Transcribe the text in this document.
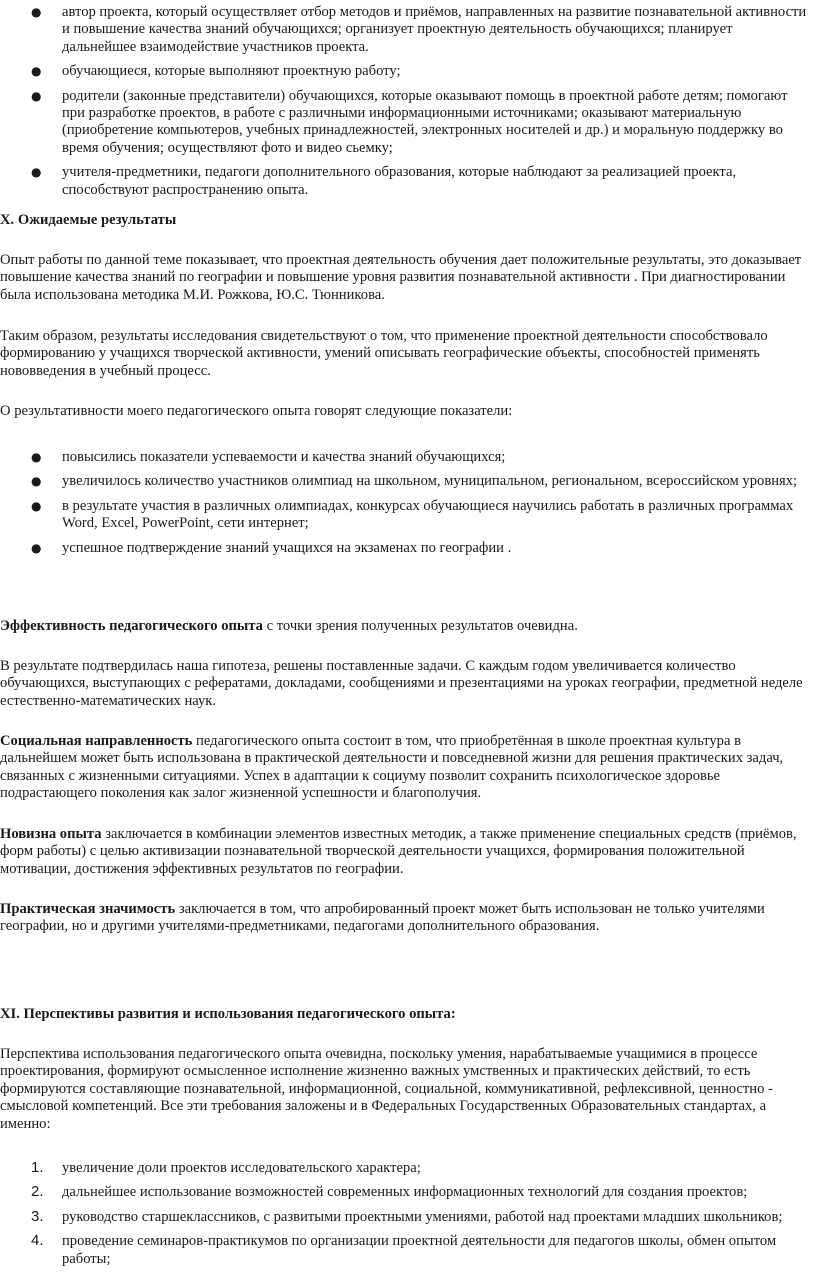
● автор проекта, который осуществляет отбор методов и приёмов, направленных на развитие познавательной активности и повышение качества знаний обучающихся; организует проектную деятельность обучающихся; планирует дальнейшее взаимодействие участников проекта.
● обучающиеся, которые выполняют проектную работу;
● родители (законные представители) обучающихся, которые оказывают помощь в проектной работе детям; помогают при разработке проектов, в работе с различными информационными источниками; оказывают материальную (приобретение компьютеров, учебных принадлежностей, электронных носителей и др.) и моральную поддержку во время обучения; осуществляют фото и видео сьемку;
● учителя-предметники, педагоги дополнительного образования, которые наблюдают за реализацией проекта, способствуют распространению опыта.
X. Ожидаемые результаты

Опыт работы по данной теме показывает, что проектная деятельность обучения дает положительные результаты, это доказывает повышение качества знаний по географии и повышение уровня развития познавательной активности . При диагностировании была использована методика М.И. Рожкова, Ю.С. Тюнникова.

Таким образом, результаты исследования свидетельствуют о том, что применение проектной деятельности способствовало формированию у учащихся творческой активности, умений описывать географические объекты, способностей применять нововведения в учебный процесс.

О результативности моего педагогического опыта говорят следующие показатели:

● повысились показатели успеваемости и качества знаний обучающихся;
● увеличилось количество участников олимпиад на школьном, муниципальном, региональном, всероссийском уровнях;
● в результате участия в различных олимпиадах, конкурсах обучающиеся научились работать в различных программах Word, Excel, PowerPoint, сети интернет;
● успешное подтверждение знаний учащихся на экзаменах по географии .

Эффективность педагогического опыта с точки зрения полученных результатов очевидна.

В результате подтвердилась наша гипотеза, решены поставленные задачи. С каждым годом увеличивается количество обучающихся, выступающих с рефератами, докладами, сообщениями и презентациями на уроках географии, предметной неделе естественно-математических наук.

Социальная направленность педагогического опыта состоит в том, что приобретённая в школе проектная культура в дальнейшем может быть использована в практической деятельности и повседневной жизни для решения практических задач, связанных с жизненными ситуациями. Успех в адаптации к социуму позволит сохранить психологическое здоровье подрастающего поколения как залог жизненной успешности и благополучия.

Новизна опыта заключается в комбинации элементов известных методик, а также применение специальных средств (приёмов, форм работы) с целью активизации познавательной творческой деятельности учащихся, формирования положительной мотивации, достижения эффективных результатов по географии.

Практическая значимость заключается в том, что апробированный проект может быть использован не только учителями географии, но и другими учителями-предметниками, педагогами дополнительного образования.

XI. Перспективы развития и использования педагогического опыта:

Перспектива использования педагогического опыта очевидна, поскольку умения, нарабатываемые учащимися в процессе проектирования, формируют осмысленное исполнение жизненно важных умственных и практических действий, то есть формируются составляющие познавательной, информационной, социальной, коммуникативной, рефлексивной, ценностно - смысловой компетенций. Все эти требования заложены и в Федеральных Государственных Образовательных стандартах, а именно:

1. увеличение доли проектов исследовательского характера;
2. дальнейшее использование возможностей современных информационных технологий для создания проектов;
3. руководство старшеклассников, с развитыми проектными умениями, работой над проектами младших школьников;
4. проведение семинаров-практикумов по организации проектной деятельности для педагогов школы, обмен опытом работы;
